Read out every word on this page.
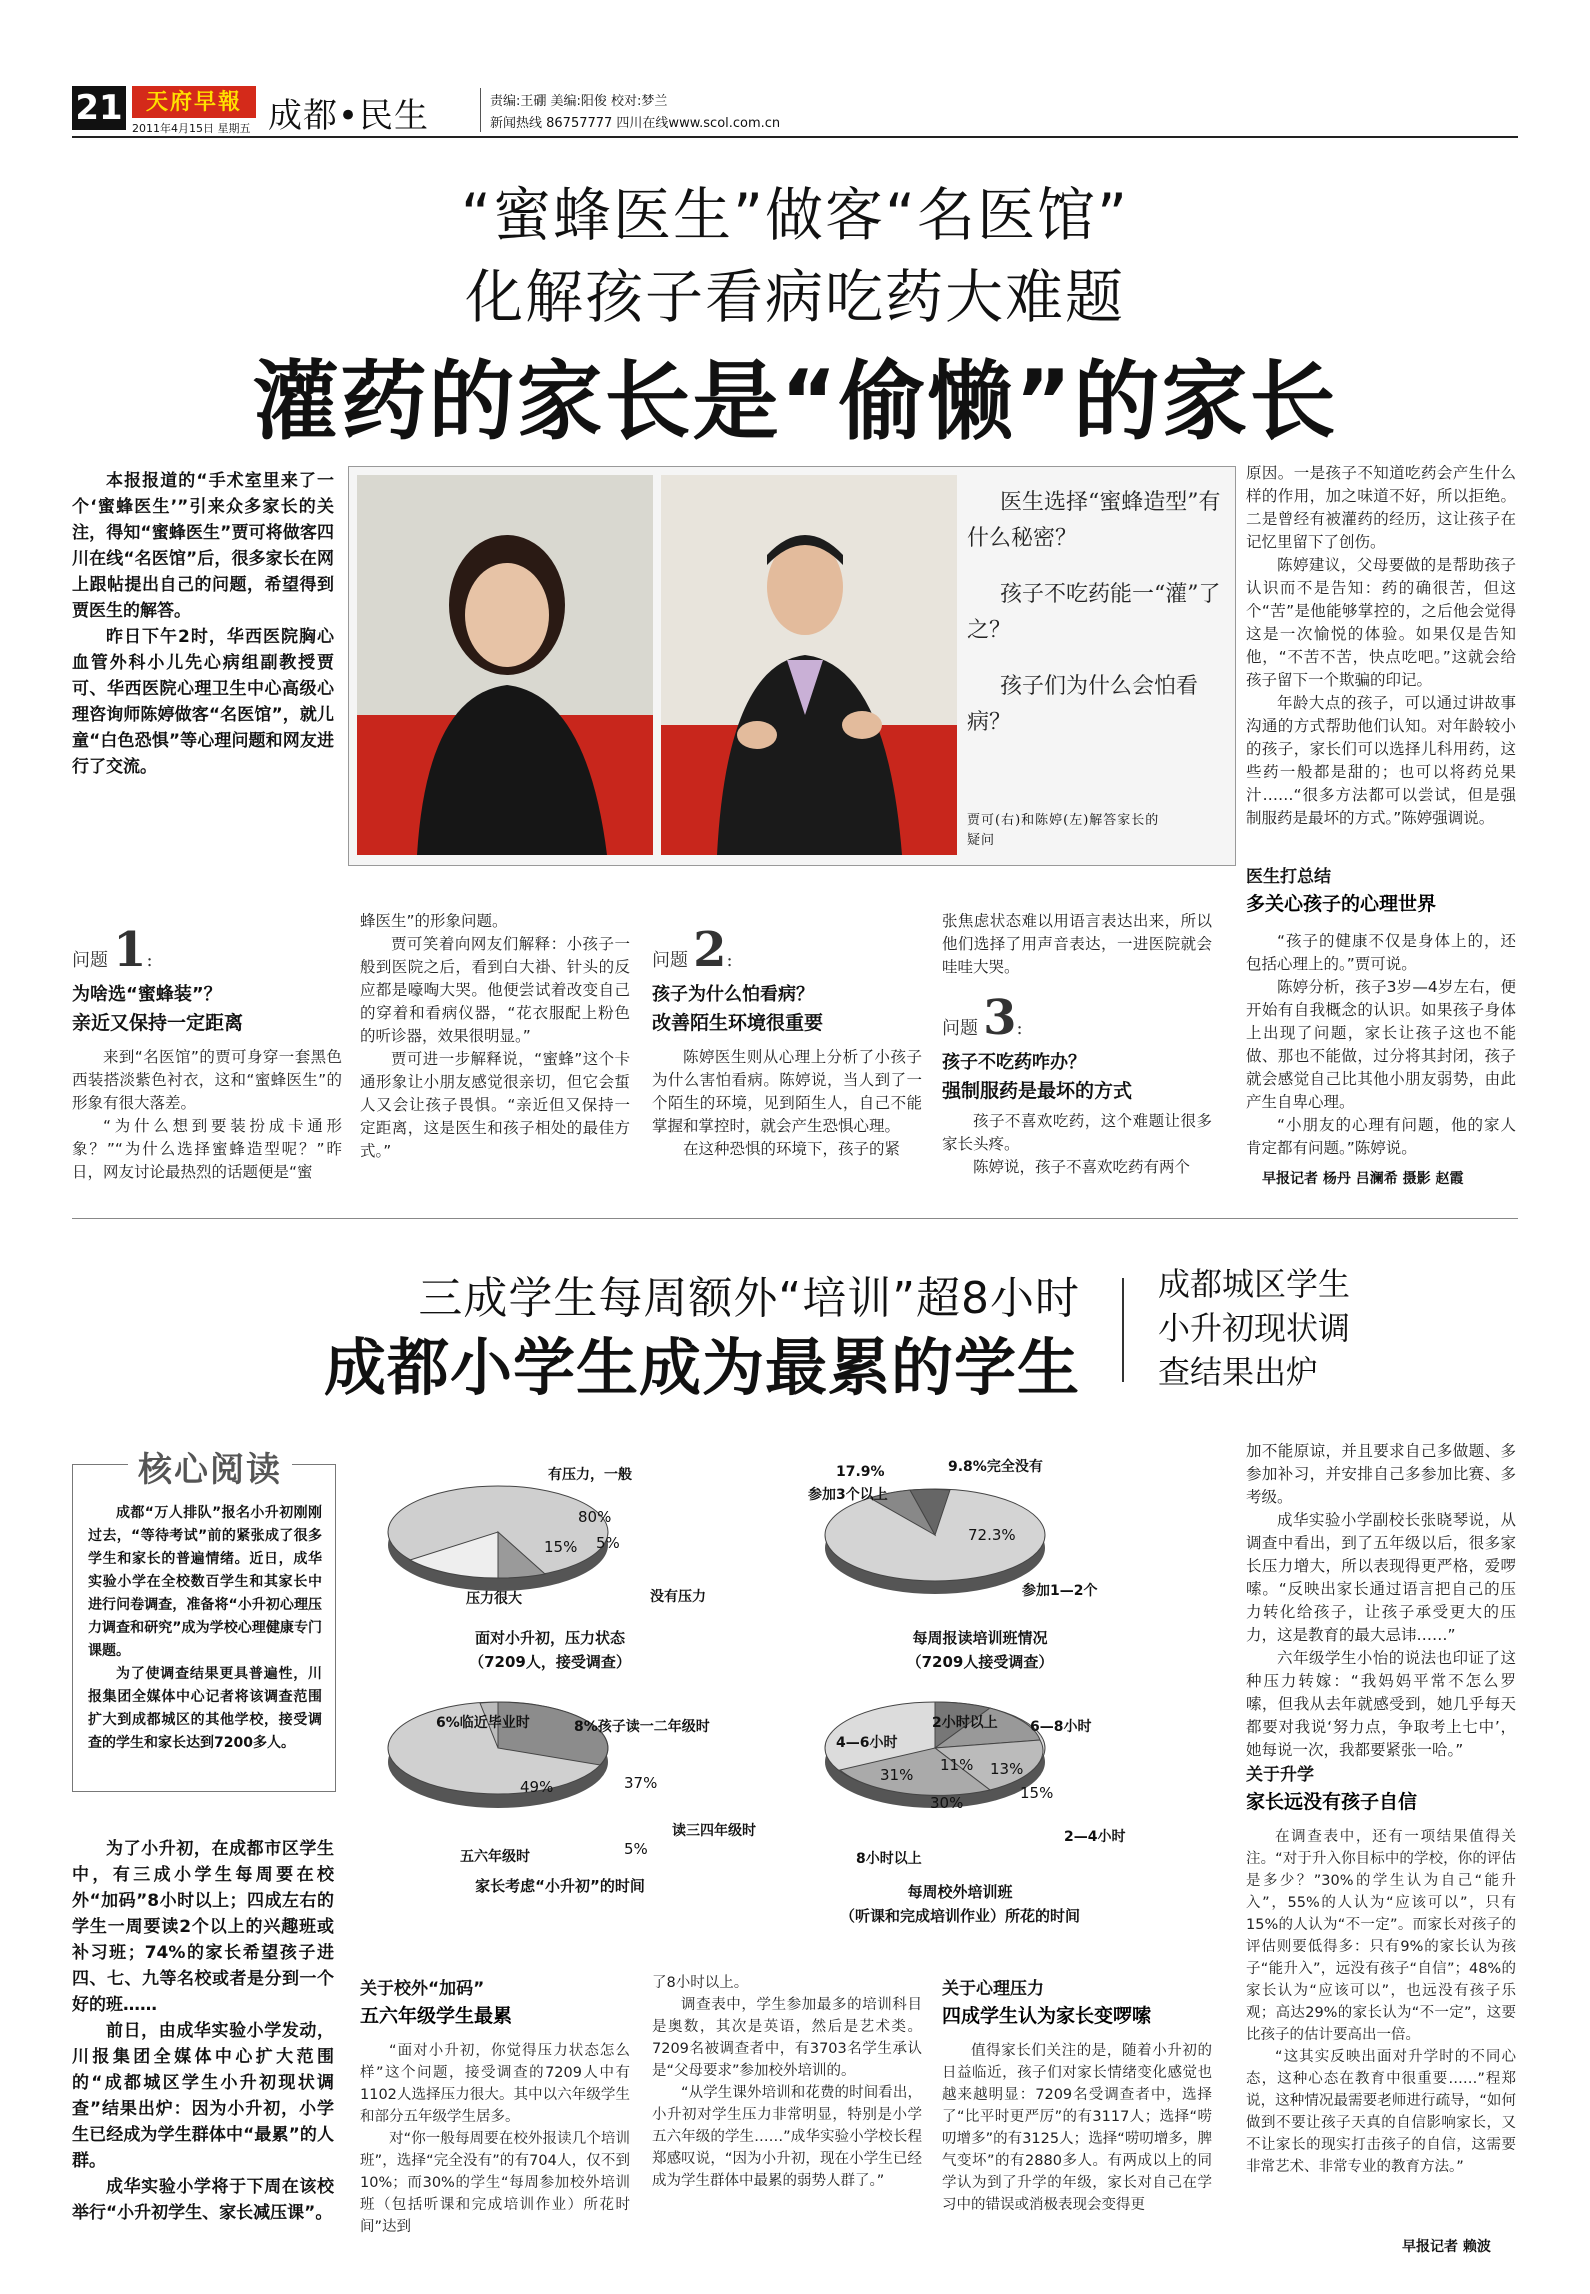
21	天府早報
2011年4月15日 星期五 成都•民生	责编:王硼 美编:阳俊 校对:梦兰
新闻热线 86757777 四川在线www.scol.com.cn
“蜜蜂医生”做客“名医馆”
化解孩子看病吃药大难题
灌药的家长是“偷懒”的家长

本报报道的“手术室里来了一个‘蜜蜂医生’”引来众多家长的关注，得知“蜜蜂医生”贾可将做客四川在线“名医馆”后，很多家长在网上跟帖提出自己的问题，希望得到贾医生的解答。

昨日下午2时，华西医院胸心血管外科小儿先心病组副教授贾可、华西医院心理卫生中心高级心理咨询师陈婷做客“名医馆”，就儿童“白色恐惧”等心理问题和网友进行了交流。

医生选择“蜜蜂造型”有什么秘密？
孩子不吃药能一“灌”了之？
孩子们为什么会怕看病？
贾可(右)和陈婷(左)解答家长的疑问

原因。一是孩子不知道吃药会产生什么样的作用，加之味道不好，所以拒绝。二是曾经有被灌药的经历，这让孩子在记忆里留下了创伤。

陈婷建议，父母要做的是帮助孩子认识而不是告知：药的确很苦，但这个“苦”是他能够掌控的，之后他会觉得这是一次愉悦的体验。如果仅是告知他，“不苦不苦，快点吃吧。”这就会给孩子留下一个欺骗的印记。

年龄大点的孩子，可以通过讲故事沟通的方式帮助他们认知。对年龄较小的孩子，家长们可以选择儿科用药，这些药一般都是甜的；也可以将药兑果汁……“很多方法都可以尝试，但是强制服药是最坏的方式。”陈婷强调说。

医生打总结
多关心孩子的心理世界

“孩子的健康不仅是身体上的，还包括心理上的。”贾可说。

陈婷分析，孩子3岁—4岁左右，便开始有自我概念的认识。如果孩子身体上出现了问题，家长让孩子这也不能做、那也不能做，过分将其封闭，孩子就会感觉自己比其他小朋友弱势，由此产生自卑心理。

“小朋友的心理有问题，他的家人肯定都有问题。”陈婷说。

早报记者 杨丹 吕澜希 摄影 赵霞
问题 1:
为啥选“蜜蜂装”？
亲近又保持一定距离

来到“名医馆”的贾可身穿一套黑色西装搭淡紫色衬衣，这和“蜜蜂医生”的形象有很大落差。

“为什么想到要装扮成卡通形象？”“为什么选择蜜蜂造型呢？”昨日，网友讨论最热烈的话题便是“蜜

蜂医生”的形象问题。

贾可笑着向网友们解释：小孩子一般到医院之后，看到白大褂、针头的反应都是嚎啕大哭。他便尝试着改变自己的穿着和看病仪器，“花衣服配上粉色的听诊器，效果很明显。”

贾可进一步解释说，“蜜蜂”这个卡通形象让小朋友感觉很亲切，但它会蜇人又会让孩子畏惧。“亲近但又保持一定距离，这是医生和孩子相处的最佳方式。”

问题 2:
孩子为什么怕看病？
改善陌生环境很重要

陈婷医生则从心理上分析了小孩子为什么害怕看病。陈婷说，当人到了一个陌生的环境，见到陌生人，自己不能掌握和掌控时，就会产生恐惧心理。

在这种恐惧的环境下，孩子的紧

张焦虑状态难以用语言表达出来，所以他们选择了用声音表达，一进医院就会哇哇大哭。

问题 3:
孩子不吃药咋办？
强制服药是最坏的方式

孩子不喜欢吃药，这个难题让很多家长头疼。

陈婷说，孩子不喜欢吃药有两个

三成学生每周额外“培训”超8小时
成都小学生成为最累的学生
成都城区学生
小升初现状调
查结果出炉
核心阅读

成都“万人排队”报名小升初刚刚过去，“等待考试”前的紧张成了很多学生和家长的普遍情绪。近日，成华实验小学在全校数百学生和其家长中进行问卷调查，准备将“小升初心理压力调查和研究”成为学校心理健康专门课题。

为了使调查结果更具普遍性，川报集团全媒体中心记者将该调查范围扩大到成都城区的其他学校，接受调查的学生和家长达到7200多人。

有压力，一般
80%
15% 5%
压力很大	没有压力
面对小升初，压力状态
（7209人，接受调查）
17.9%
参加3个以上
9.8%完全没有
72.3%
参加1—2个
每周报读培训班情况
（7209人接受调查）
6%临近毕业时	8%孩子读一二年级时
49%	37%
读三四年级时
五六年级时	5%
家长考虑“小升初”的时间
4—6小时
2小时以上 6—8小时
31%
11% 13%
15%
30%
2—4小时
8小时以上
每周校外培训班
（听课和完成培训作业）所花的时间

加不能原谅，并且要求自己多做题、多参加补习，并安排自己多参加比赛、多考级。

成华实验小学副校长张晓琴说，从调查中看出，到了五年级以后，很多家长压力增大，所以表现得更严格，爱啰嗦。“反映出家长通过语言把自己的压力转化给孩子，让孩子承受更大的压力，这是教育的最大忌讳……”

六年级学生小怡的说法也印证了这种压力转嫁：“我妈妈平常不怎么罗嗦，但我从去年就感受到，她几乎每天都要对我说‘努力点，争取考上七中’，她每说一次，我都要紧张一哈。”

关于升学
家长远没有孩子自信

在调查表中，还有一项结果值得关注。“对于升入你目标中的学校，你的评估是多少？”30%的学生认为自己“能升入”，55%的人认为“应该可以”，只有15%的人认为“不一定”。而家长对孩子的评估则要低得多：只有9%的家长认为孩子“能升入”，远没有孩子“自信”；48%的家长认为“应该可以”，也远没有孩子乐观；高达29%的家长认为“不一定”，这要比孩子的估计要高出一倍。

“这其实反映出面对升学时的不同心态，这种心态在教育中很重要……”程郑说，这种情况最需要老师进行疏导，“如何做到不要让孩子天真的自信影响家长，又不让家长的现实打击孩子的自信，这需要非常艺术、非常专业的教育方法。”

早报记者 赖波

为了小升初，在成都市区学生中，有三成小学生每周要在校外“加码”8小时以上；四成左右的学生一周要读2个以上的兴趣班或补习班；74%的家长希望孩子进四、七、九等名校或者是分到一个好的班……

前日，由成华实验小学发动，川报集团全媒体中心扩大范围的“成都城区学生小升初现状调查”结果出炉：因为小升初，小学生已经成为学生群体中“最累”的人群。

成华实验小学将于下周在该校举行“小升初学生、家长减压课”。

关于校外“加码”
五六年级学生最累

“面对小升初，你觉得压力状态怎么样”这个问题，接受调查的7209人中有1102人选择压力很大。其中以六年级学生和部分五年级学生居多。

对“你一般每周要在校外报读几个培训班”，选择“完全没有”的有704人，仅不到10%；而30%的学生“每周参加校外培训班（包括听课和完成培训作业）所花时间”达到

了8小时以上。

调查表中，学生参加最多的培训科目是奥数，其次是英语，然后是艺术类。7209名被调查者中，有3703名学生承认是“父母要求”参加校外培训的。

“从学生课外培训和花费的时间看出，小升初对学生压力非常明显，特别是小学五六年级的学生……”成华实验小学校长程郑感叹说，“因为小升初，现在小学生已经成为学生群体中最累的弱势人群了。”

关于心理压力
四成学生认为家长变啰嗦

值得家长们关注的是，随着小升初的日益临近，孩子们对家长情绪变化感觉也越来越明显：7209名受调查者中，选择了“比平时更严厉”的有3117人；选择“唠叨增多”的有3125人；选择“唠叨增多，脾气变坏”的有2880多人。有两成以上的同学认为到了升学的年级，家长对自己在学习中的错误或消极表现会变得更
